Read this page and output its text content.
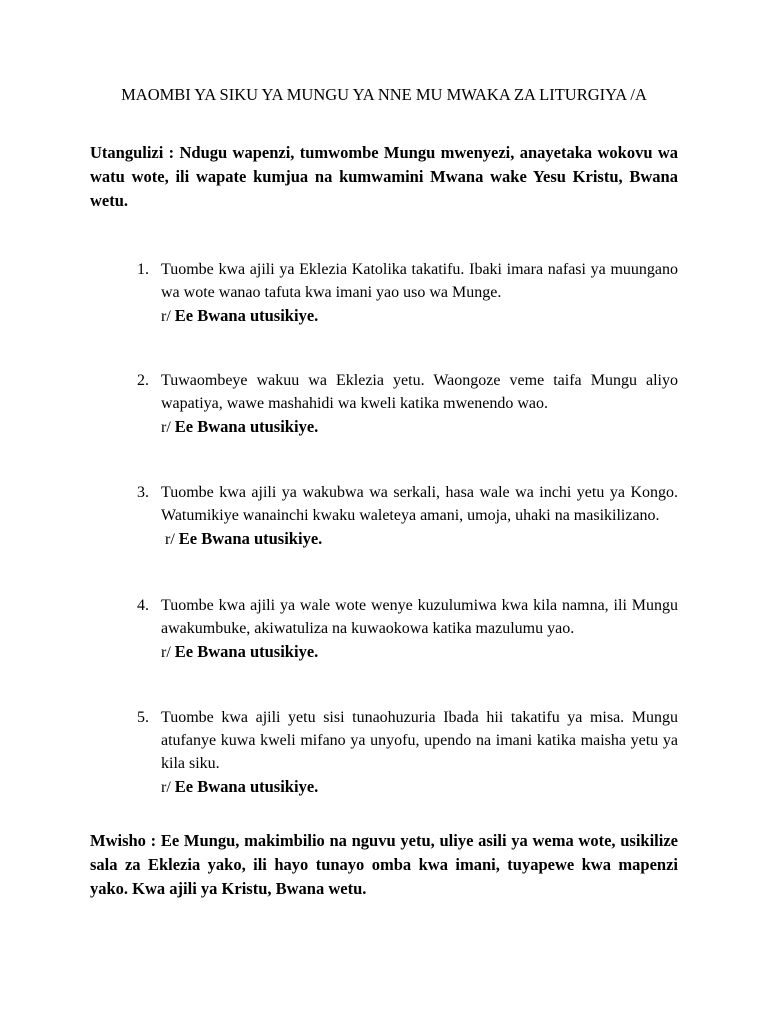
MAOMBI YA SIKU YA MUNGU YA NNE MU MWAKA ZA LITURGIYA /A

Utangulizi : Ndugu wapenzi, tumwombe Mungu mwenyezi, anayetaka wokovu wa watu wote, ili wapate kumjua na kumwamini Mwana wake Yesu Kristu, Bwana wetu.

1. Tuombe kwa ajili ya Eklezia Katolika takatifu. Ibaki imara nafasi ya muungano wa wote wanao tafuta kwa imani yao uso wa Munge.

r/ Ee Bwana utusikiye.

2. Tuwaombeye wakuu wa Eklezia yetu. Waongoze veme taifa Mungu aliyo wapatiya, wawe mashahidi wa kweli katika mwenendo wao.

r/ Ee Bwana utusikiye.

3. Tuombe kwa ajili ya wakubwa wa serkali, hasa wale wa inchi yetu ya Kongo. Watumikiye wanainchi kwaku waleteya amani, umoja, uhaki na masikilizano.

r/ Ee Bwana utusikiye.

4. Tuombe kwa ajili ya wale wote wenye kuzulumiwa kwa kila namna, ili Mungu awakumbuke, akiwatuliza na kuwaokowa katika mazulumu yao.

r/ Ee Bwana utusikiye.

5. Tuombe kwa ajili yetu sisi tunaohuzuria Ibada hii takatifu ya misa. Mungu atufanye kuwa kweli mifano ya unyofu, upendo na imani katika maisha yetu ya kila siku.

r/ Ee Bwana utusikiye.

Mwisho : Ee Mungu, makimbilio na nguvu yetu, uliye asili ya wema wote, usikilize sala za Eklezia yako, ili hayo tunayo omba kwa imani, tuyapewe kwa mapenzi yako. Kwa ajili ya Kristu, Bwana wetu.
